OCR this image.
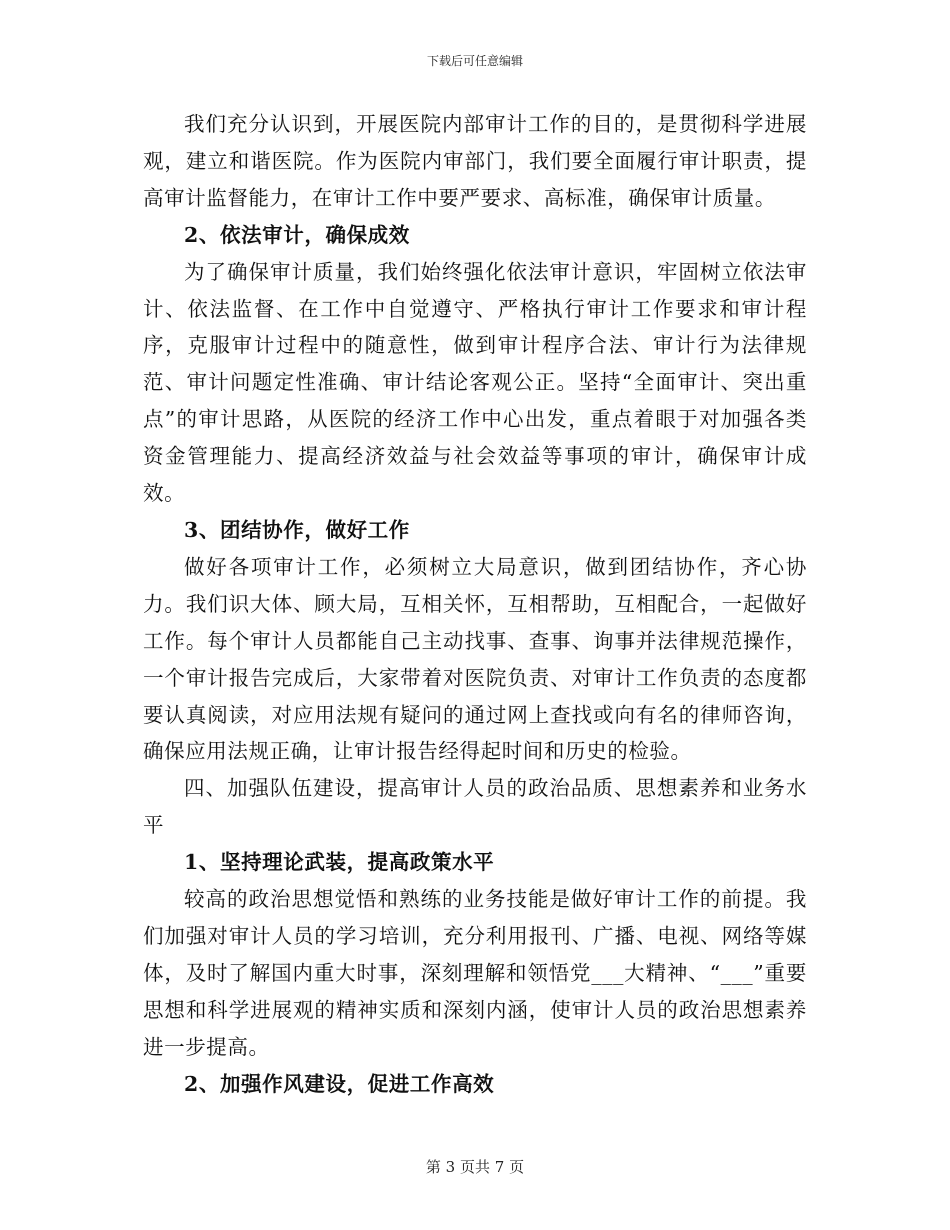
下载后可任意编辑

我们充分认识到，开展医院内部审计工作的目的，是贯彻科学进展观，建立和谐医院。作为医院内审部门，我们要全面履行审计职责，提高审计监督能力，在审计工作中要严要求、高标准，确保审计质量。

2、依法审计，确保成效

为了确保审计质量，我们始终强化依法审计意识，牢固树立依法审计、依法监督、在工作中自觉遵守、严格执行审计工作要求和审计程序，克服审计过程中的随意性，做到审计程序合法、审计行为法律规范、审计问题定性准确、审计结论客观公正。坚持“全面审计、突出重点”的审计思路，从医院的经济工作中心出发，重点着眼于对加强各类资金管理能力、提高经济效益与社会效益等事项的审计，确保审计成效。

3、团结协作，做好工作

做好各项审计工作，必须树立大局意识，做到团结协作，齐心协力。我们识大体、顾大局，互相关怀，互相帮助，互相配合，一起做好工作。每个审计人员都能自己主动找事、查事、询事并法律规范操作，一个审计报告完成后，大家带着对医院负责、对审计工作负责的态度都要认真阅读，对应用法规有疑问的通过网上查找或向有名的律师咨询，确保应用法规正确，让审计报告经得起时间和历史的检验。

四、加强队伍建设，提高审计人员的政治品质、思想素养和业务水平

1、坚持理论武装，提高政策水平

较高的政治思想觉悟和熟练的业务技能是做好审计工作的前提。我们加强对审计人员的学习培训，充分利用报刊、广播、电视、网络等媒体，及时了解国内重大时事，深刻理解和领悟党___大精神、“___”重要思想和科学进展观的精神实质和深刻内涵，使审计人员的政治思想素养进一步提高。

2、加强作风建设，促进工作高效

第 3 页共 7 页
